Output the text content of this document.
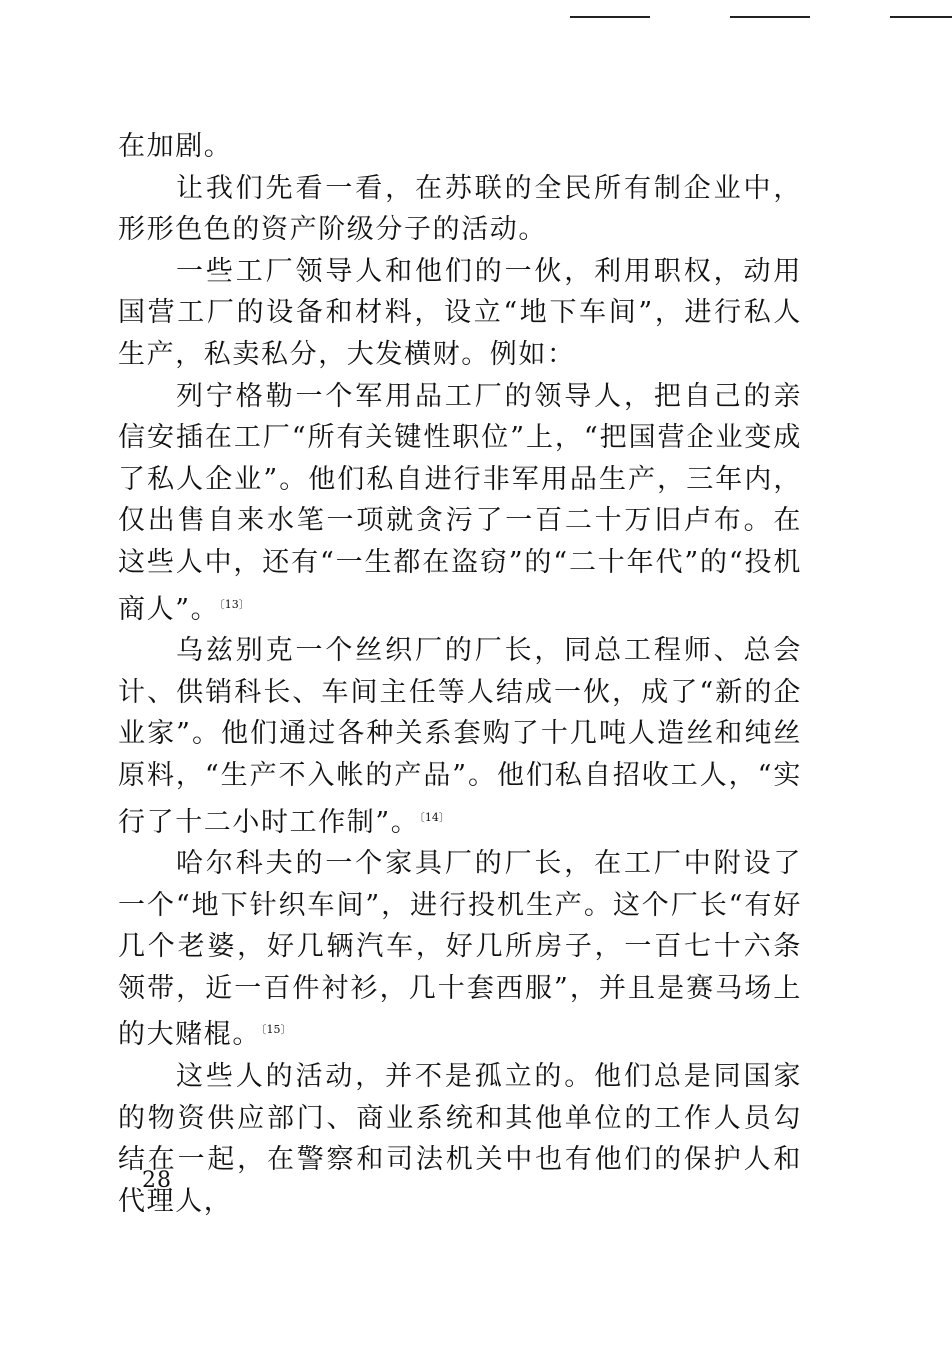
在加剧。

让我们先看一看，在苏联的全民所有制企业中，形形色色的资产阶级分子的活动。

一些工厂领导人和他们的一伙，利用职权，动用国营工厂的设备和材料，设立“地下车间”，进行私人生产，私卖私分，大发横财。例如：

列宁格勒一个军用品工厂的领导人，把自己的亲信安插在工厂“所有关键性职位”上，“把国营企业变成了私人企业”。他们私自进行非军用品生产，三年内，仅出售自来水笔一项就贪污了一百二十万旧卢布。在这些人中，还有“一生都在盗窃”的“二十年代”的“投机商人”。$^{〔13〕}$

乌兹别克一个丝织厂的厂长，同总工程师、总会计、供销科长、车间主任等人结成一伙，成了“新的企业家”。他们通过各种关系套购了十几吨人造丝和纯丝原料，“生产不入帐的产品”。他们私自招收工人，“实行了十二小时工作制”。$^{〔14〕}$

哈尔科夫的一个家具厂的厂长，在工厂中附设了一个“地下针织车间”，进行投机生产。这个厂长“有好几个老婆，好几辆汽车，好几所房子，一百七十六条领带，近一百件衬衫，几十套西服”，并且是赛马场上的大赌棍。$^{〔15〕}$

这些人的活动，并不是孤立的。他们总是同国家的物资供应部门、商业系统和其他单位的工作人员勾结在一起，在警察和司法机关中也有他们的保护人和代理人，

28
